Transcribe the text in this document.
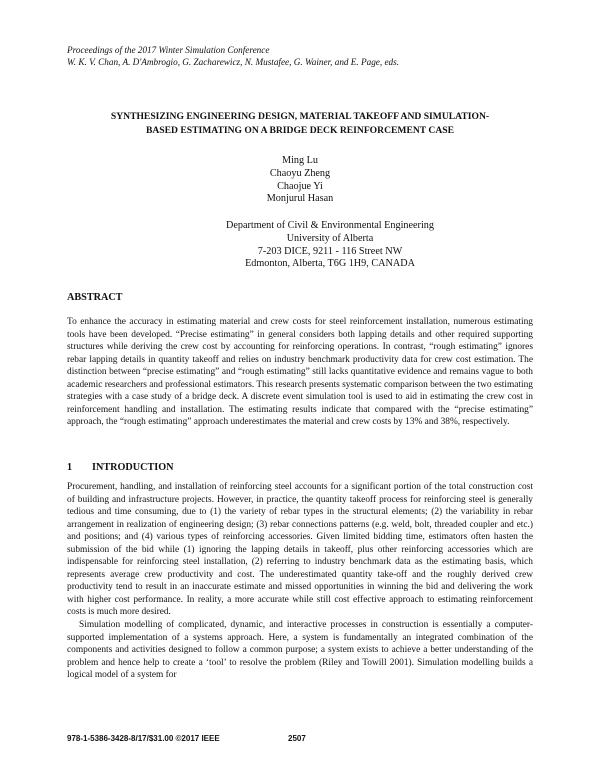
Proceedings of the 2017 Winter Simulation Conference
W. K. V. Chan, A. D'Ambrogio, G. Zacharewicz, N. Mustafee, G. Wainer, and E. Page, eds.
SYNTHESIZING ENGINEERING DESIGN, MATERIAL TAKEOFF AND SIMULATION-
BASED ESTIMATING ON A BRIDGE DECK REINFORCEMENT CASE
Ming Lu
Chaoyu Zheng
Chaojue Yi
Monjurul Hasan
Department of Civil & Environmental Engineering
University of Alberta
7-203 DICE, 9211 - 116 Street NW
Edmonton, Alberta, T6G 1H9, CANADA
ABSTRACT
To enhance the accuracy in estimating material and crew costs for steel reinforcement installation, numerous estimating tools have been developed. “Precise estimating” in general considers both lapping details and other required supporting structures while deriving the crew cost by accounting for reinforcing operations. In contrast, “rough estimating” ignores rebar lapping details in quantity takeoff and relies on industry benchmark productivity data for crew cost estimation. The distinction between “precise estimating” and “rough estimating” still lacks quantitative evidence and remains vague to both academic researchers and professional estimators. This research presents systematic comparison between the two estimating strategies with a case study of a bridge deck. A discrete event simulation tool is used to aid in estimating the crew cost in reinforcement handling and installation. The estimating results indicate that compared with the “precise estimating” approach, the “rough estimating” approach underestimates the material and crew costs by 13% and 38%, respectively.
1 INTRODUCTION

Procurement, handling, and installation of reinforcing steel accounts for a significant portion of the total construction cost of building and infrastructure projects. However, in practice, the quantity takeoff process for reinforcing steel is generally tedious and time consuming, due to (1) the variety of rebar types in the structural elements; (2) the variability in rebar arrangement in realization of engineering design; (3) rebar connections patterns (e.g. weld, bolt, threaded coupler and etc.) and positions; and (4) various types of reinforcing accessories. Given limited bidding time, estimators often hasten the submission of the bid while (1) ignoring the lapping details in takeoff, plus other reinforcing accessories which are indispensable for reinforcing steel installation, (2) referring to industry benchmark data as the estimating basis, which represents average crew productivity and cost. The underestimated quantity take-off and the roughly derived crew productivity tend to result in an inaccurate estimate and missed opportunities in winning the bid and delivering the work with higher cost performance. In reality, a more accurate while still cost effective approach to estimating reinforcement costs is much more desired.

Simulation modelling of complicated, dynamic, and interactive processes in construction is essentially a computer-supported implementation of a systems approach. Here, a system is fundamentally an integrated combination of the components and activities designed to follow a common purpose; a system exists to achieve a better understanding of the problem and hence help to create a ‘tool’ to resolve the problem (Riley and Towill 2001). Simulation modelling builds a logical model of a system for

978-1-5386-3428-8/17/$31.00 ©2017 IEEE	2507
